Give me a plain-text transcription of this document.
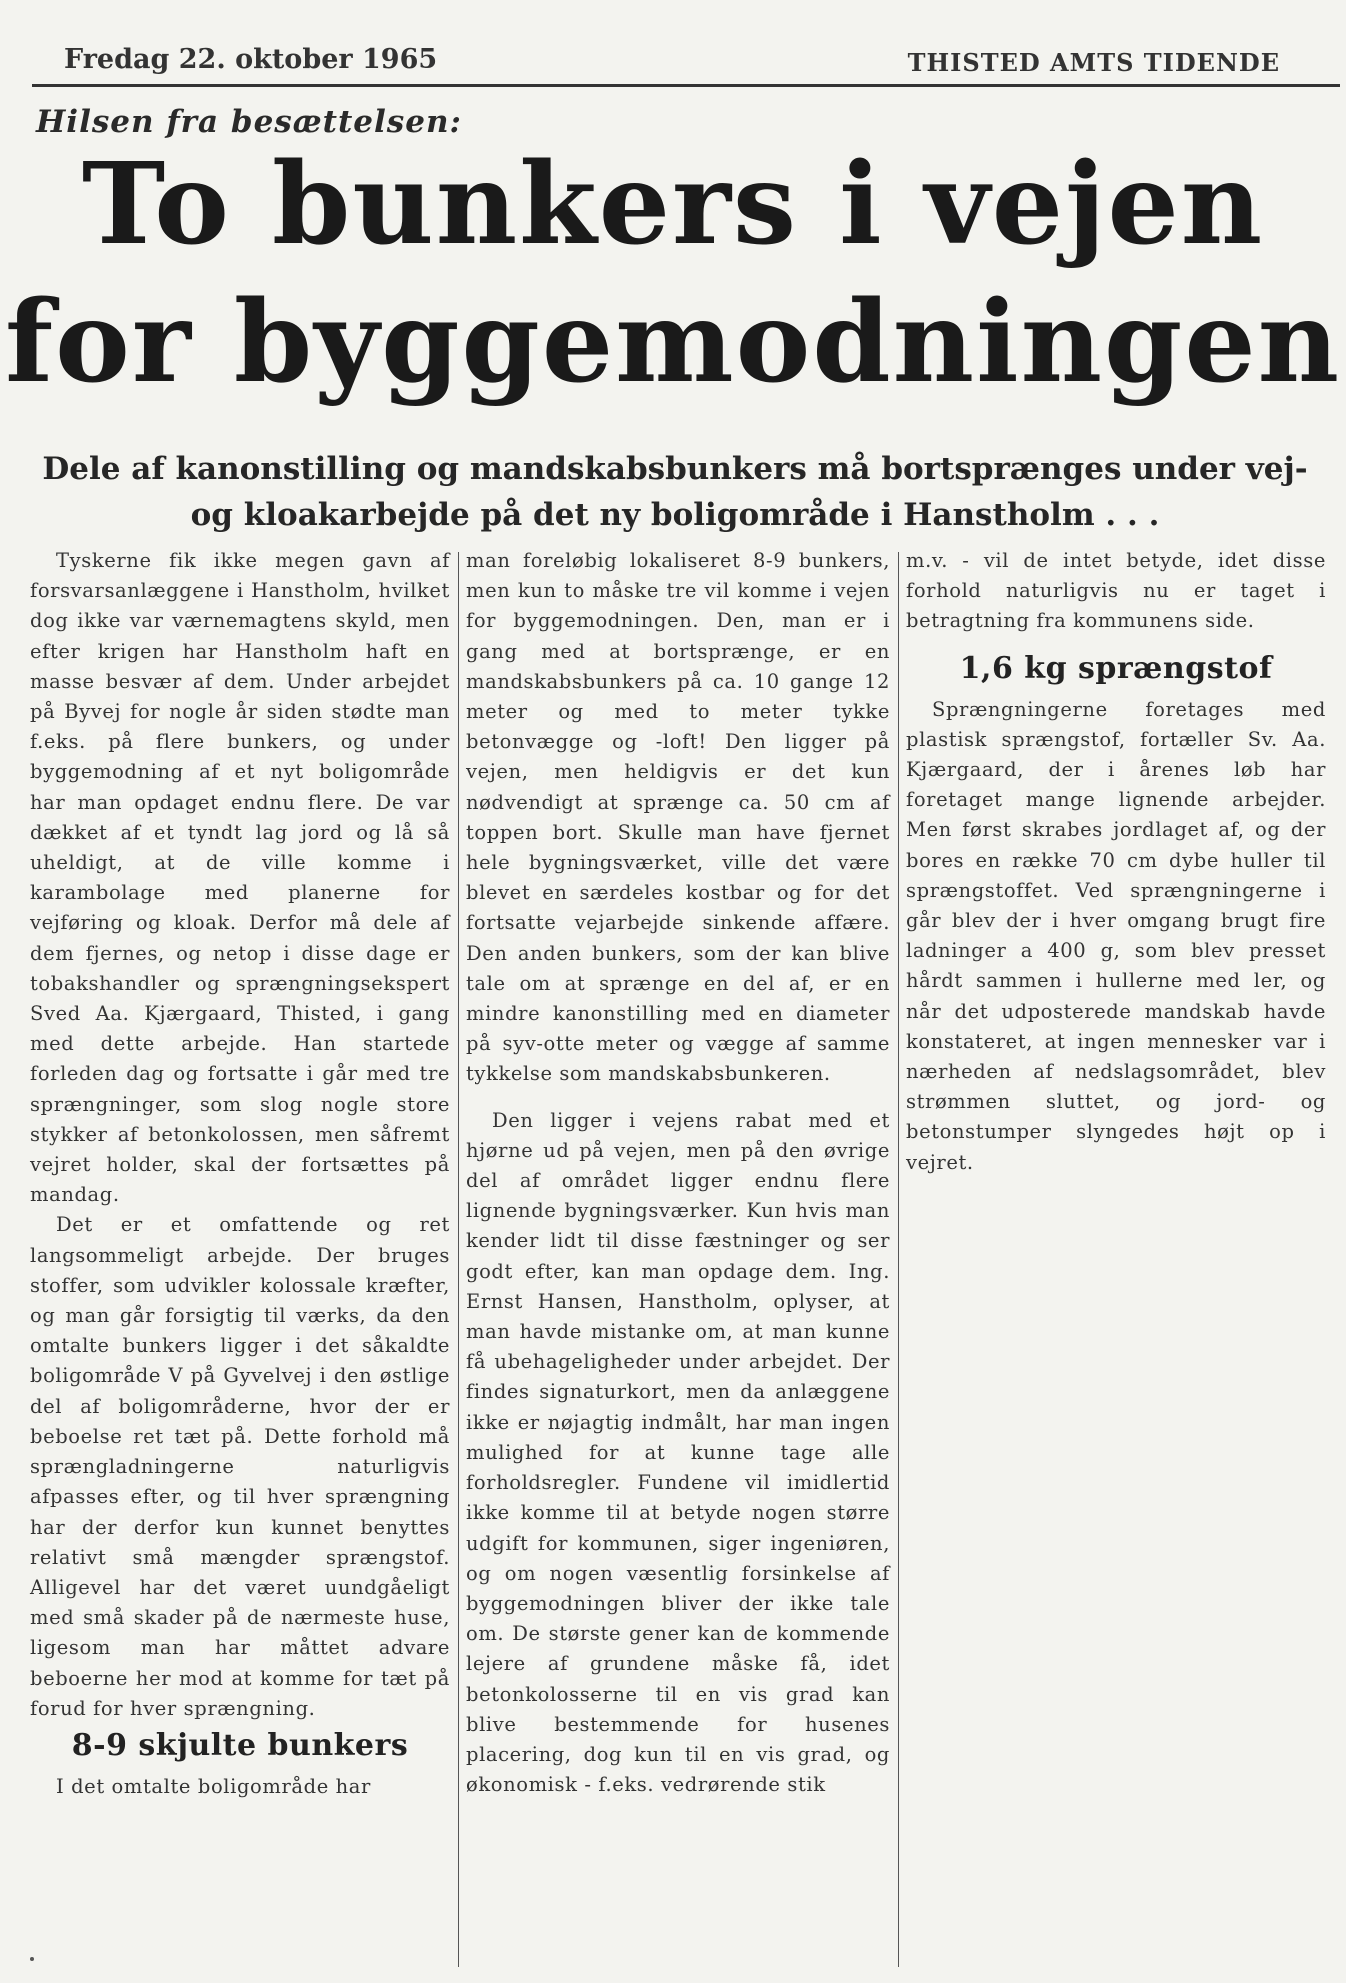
Fredag 22. oktober 1965	THISTED AMTS TIDENDE
Hilsen fra besættelsen:
To bunkers i vejen for byggemodningen
Dele af kanonstilling og mandskabsbunkers må bortsprænges under vej- og kloakarbejde på det ny boligområde i Hanstholm . . .

Tyskerne fik ikke megen gavn af forsvarsanlæggene i Hanstholm, hvilket dog ikke var værnemagtens skyld, men efter krigen har Hanstholm haft en masse besvær af dem. Under arbejdet på Byvej for nogle år siden stødte man f.eks. på flere bunkers, og under byggemodning af et nyt boligområde har man opdaget endnu flere. De var dækket af et tyndt lag jord og lå så uheldigt, at de ville komme i karambolage med planerne for vejføring og kloak. Derfor må dele af dem fjernes, og netop i disse dage er tobakshandler og sprængningsekspert Sved Aa. Kjærgaard, Thisted, i gang med dette arbejde. Han startede forleden dag og fortsatte i går med tre sprængninger, som slog nogle store stykker af betonkolossen, men såfremt vejret holder, skal der fortsættes på mandag.

Det er et omfattende og ret langsommeligt arbejde. Der bruges stoffer, som udvikler kolossale kræfter, og man går forsigtig til værks, da den omtalte bunkers ligger i det såkaldte boligområde V på Gyvelvej i den østlige del af boligområderne, hvor der er beboelse ret tæt på. Dette forhold må sprængladningerne naturligvis afpasses efter, og til hver sprængning har der derfor kun kunnet benyttes relativt små mængder sprængstof. Alligevel har det været uundgåeligt med små skader på de nærmeste huse, ligesom man har måttet advare beboerne her mod at komme for tæt på forud for hver sprængning.

8-9 skjulte bunkers

I det omtalte boligområde har

man foreløbig lokaliseret 8-9 bunkers, men kun to måske tre vil komme i vejen for byggemodningen. Den, man er i gang med at bortsprænge, er en mandskabsbunkers på ca. 10 gange 12 meter og med to meter tykke betonvægge og -loft! Den ligger på vejen, men heldigvis er det kun nødvendigt at sprænge ca. 50 cm af toppen bort. Skulle man have fjernet hele bygningsværket, ville det være blevet en særdeles kostbar og for det fortsatte vejarbejde sinkende affære. Den anden bunkers, som der kan blive tale om at sprænge en del af, er en mindre kanonstilling med en diameter på syv-otte meter og vægge af samme tykkelse som mandskabsbunkeren.

Den ligger i vejens rabat med et hjørne ud på vejen, men på den øvrige del af området ligger endnu flere lignende bygningsværker. Kun hvis man kender lidt til disse fæstninger og ser godt efter, kan man opdage dem. Ing. Ernst Hansen, Hanstholm, oplyser, at man havde mistanke om, at man kunne få ubehageligheder under arbejdet. Der findes signaturkort, men da anlæggene ikke er nøjagtig indmålt, har man ingen mulighed for at kunne tage alle forholdsregler. Fundene vil imidlertid ikke komme til at betyde nogen større udgift for kommunen, siger ingeniøren, og om nogen væsentlig forsinkelse af byggemodningen bliver der ikke tale om. De største gener kan de kommende lejere af grundene måske få, idet betonkolosserne til en vis grad kan blive bestemmende for husenes placering, dog kun til en vis grad, og økonomisk - f.eks. vedrørende stik

m.v. - vil de intet betyde, idet disse forhold naturligvis nu er taget i betragtning fra kommunens side.

1,6 kg sprængstof

Sprængningerne foretages med plastisk sprængstof, fortæller Sv. Aa. Kjærgaard, der i årenes løb har foretaget mange lignende arbejder. Men først skrabes jordlaget af, og der bores en række 70 cm dybe huller til sprængstoffet. Ved sprængningerne i går blev der i hver omgang brugt fire ladninger a 400 g, som blev presset hårdt sammen i hullerne med ler, og når det udposterede mandskab havde konstateret, at ingen mennesker var i nærheden af nedslagsområdet, blev strømmen sluttet, og jord- og betonstumper slyngedes højt op i vejret.
